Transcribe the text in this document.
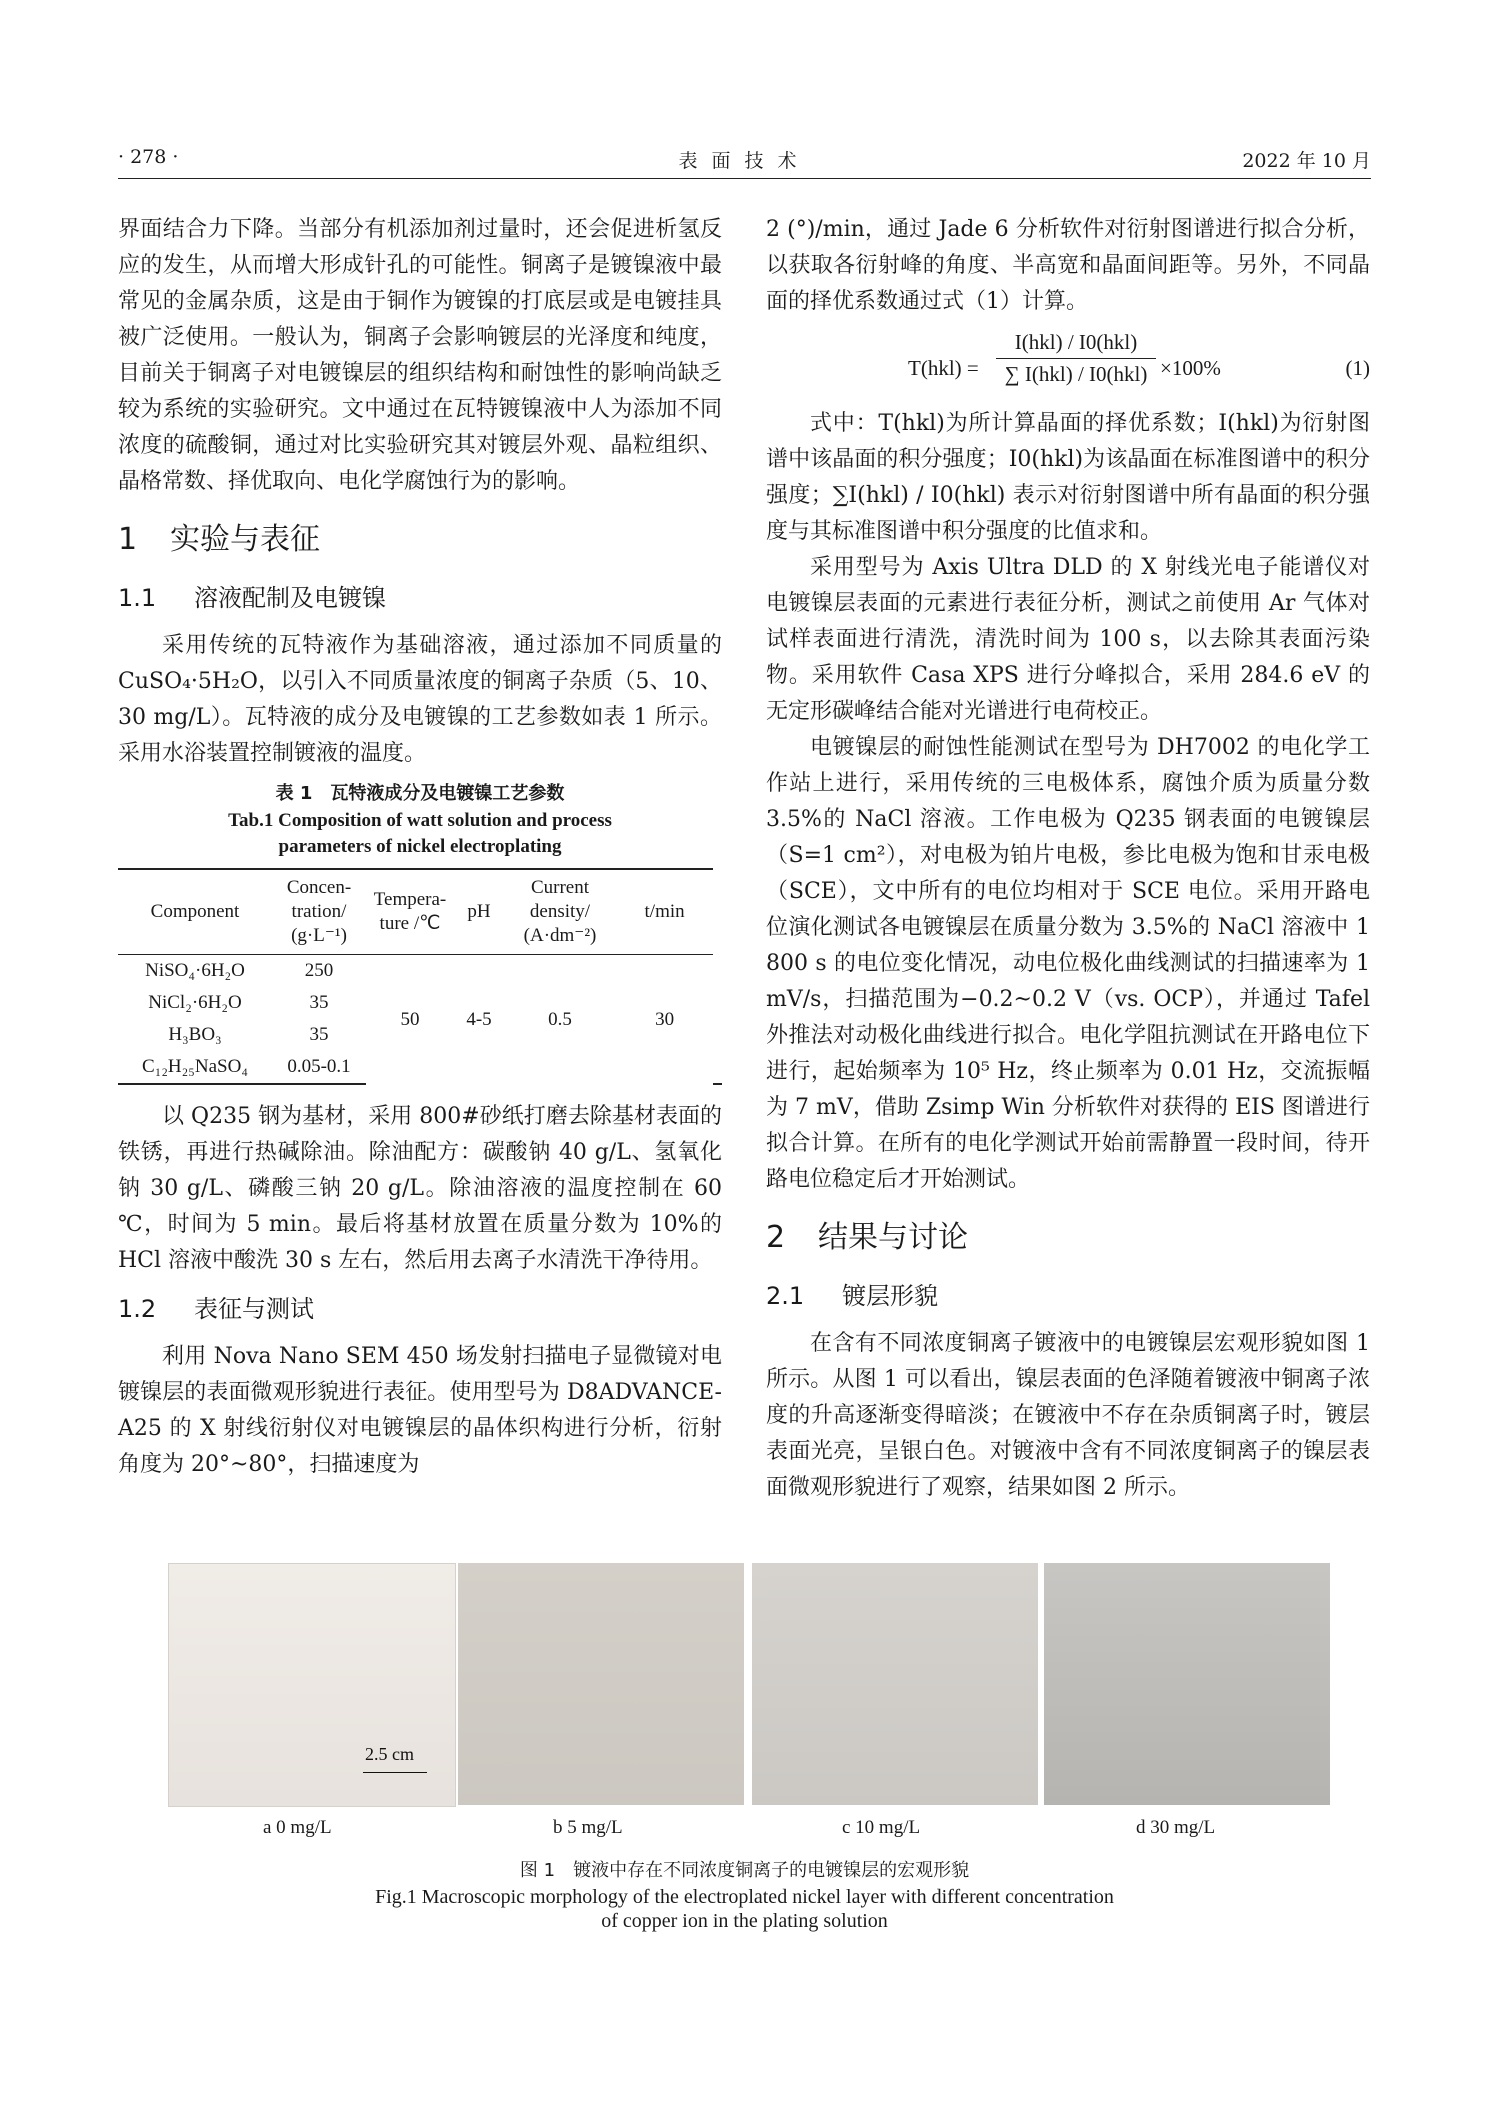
· 278 ·	表面技术	2022 年 10 月

界面结合力下降。当部分有机添加剂过量时，还会促进析氢反应的发生，从而增大形成针孔的可能性。铜离子是镀镍液中最常见的金属杂质，这是由于铜作为镀镍的打底层或是电镀挂具被广泛使用。一般认为，铜离子会影响镀层的光泽度和纯度，目前关于铜离子对电镀镍层的组织结构和耐蚀性的影响尚缺乏较为系统的实验研究。文中通过在瓦特镀镍液中人为添加不同浓度的硫酸铜，通过对比实验研究其对镀层外观、晶粒组织、晶格常数、择优取向、电化学腐蚀行为的影响。

1 实验与表征
1.1 溶液配制及电镀镍

采用传统的瓦特液作为基础溶液，通过添加不同质量的 CuSO₄·5H₂O，以引入不同质量浓度的铜离子杂质（5、10、30 mg/L）。瓦特液的成分及电镀镍的工艺参数如表 1 所示。采用水浴装置控制镀液的温度。

表 1　瓦特液成分及电镀镍工艺参数
Tab.1 Composition of watt solution and process
parameters of nickel electroplating
Component	Concen-tration/ (g·L⁻¹)	Tempera-ture /℃	pH	Current density/ (A·dm⁻²)	t/min	
NiSO₄·6H₂O	250	50	4-5	0.5	30	
NiCl₂·6H₂O	35					
H₃BO₃	35					
C₁₂H₂₅NaSO₄	0.05-0.1					

以 Q235 钢为基材，采用 800#砂纸打磨去除基材表面的铁锈，再进行热碱除油。除油配方：碳酸钠 40 g/L、氢氧化钠 30 g/L、磷酸三钠 20 g/L。除油溶液的温度控制在 60 ℃，时间为 5 min。最后将基材放置在质量分数为 10%的 HCl 溶液中酸洗 30 s 左右，然后用去离子水清洗干净待用。

1.2 表征与测试

利用 Nova Nano SEM 450 场发射扫描电子显微镜对电镀镍层的表面微观形貌进行表征。使用型号为 D8ADVANCE-A25 的 X 射线衍射仪对电镀镍层的晶体织构进行分析，衍射角度为 20°~80°，扫描速度为

2 (°)/min，通过 Jade 6 分析软件对衍射图谱进行拟合分析，以获取各衍射峰的角度、半高宽和晶面间距等。另外，不同晶面的择优系数通过式（1）计算。

T(hkl) =
I(hkl) / I0(hkl)
∑ I(hkl) / I0(hkl) ×100%	(1)

式中：T(hkl)为所计算晶面的择优系数；I(hkl)为衍射图谱中该晶面的积分强度；I0(hkl)为该晶面在标准图谱中的积分强度；∑I(hkl) / I0(hkl) 表示对衍射图谱中所有晶面的积分强度与其标准图谱中积分强度的比值求和。

采用型号为 Axis Ultra DLD 的 X 射线光电子能谱仪对电镀镍层表面的元素进行表征分析，测试之前使用 Ar 气体对试样表面进行清洗，清洗时间为 100 s，以去除其表面污染物。采用软件 Casa XPS 进行分峰拟合，采用 284.6 eV 的无定形碳峰结合能对光谱进行电荷校正。

电镀镍层的耐蚀性能测试在型号为 DH7002 的电化学工作站上进行，采用传统的三电极体系，腐蚀介质为质量分数 3.5%的 NaCl 溶液。工作电极为 Q235 钢表面的电镀镍层（S=1 cm²），对电极为铂片电极，参比电极为饱和甘汞电极（SCE），文中所有的电位均相对于 SCE 电位。采用开路电位演化测试各电镀镍层在质量分数为 3.5%的 NaCl 溶液中 1 800 s 的电位变化情况，动电位极化曲线测试的扫描速率为 1 mV/s，扫描范围为−0.2~0.2 V（vs. OCP），并通过 Tafel 外推法对动极化曲线进行拟合。电化学阻抗测试在开路电位下进行，起始频率为 10⁵ Hz，终止频率为 0.01 Hz，交流振幅为 7 mV，借助 Zsimp Win 分析软件对获得的 EIS 图谱进行拟合计算。在所有的电化学测试开始前需静置一段时间，待开路电位稳定后才开始测试。

2 结果与讨论
2.1 镀层形貌

在含有不同浓度铜离子镀液中的电镀镍层宏观形貌如图 1 所示。从图 1 可以看出，镍层表面的色泽随着镀液中铜离子浓度的升高逐渐变得暗淡；在镀液中不存在杂质铜离子时，镀层表面光亮，呈银白色。对镀液中含有不同浓度铜离子的镍层表面微观形貌进行了观察，结果如图 2 所示。

2.5 cm
a 0 mg/L	b 5 mg/L	c 10 mg/L	d 30 mg/L
图 1　镀液中存在不同浓度铜离子的电镀镍层的宏观形貌
Fig.1 Macroscopic morphology of the electroplated nickel layer with different concentration
of copper ion in the plating solution
